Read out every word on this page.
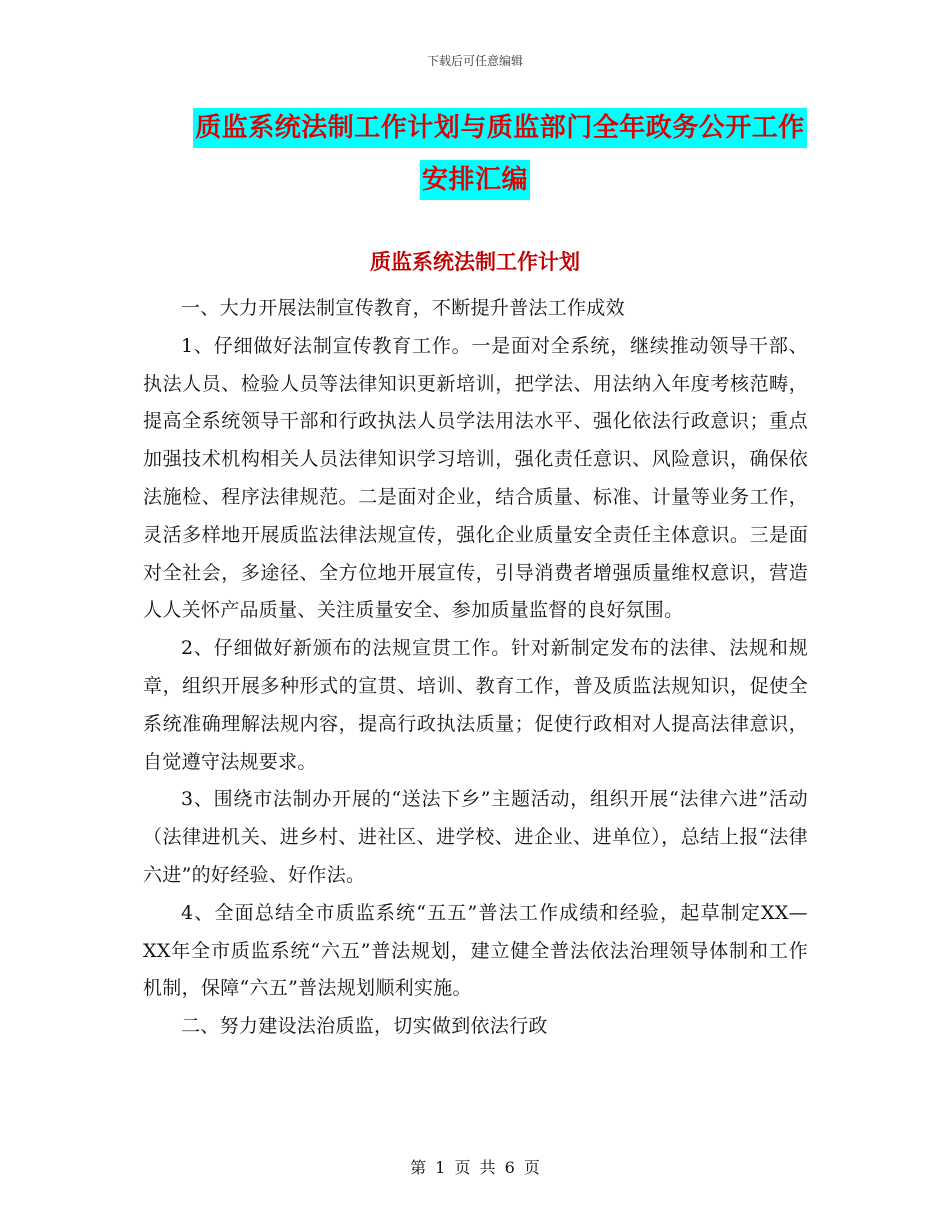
下载后可任意编辑
质监系统法制工作计划与质监部门全年政务公开工作
安排汇编
质监系统法制工作计划

一、大力开展法制宣传教育，不断提升普法工作成效

1、仔细做好法制宣传教育工作。一是面对全系统，继续推动领导干部、执法人员、检验人员等法律知识更新培训，把学法、用法纳入年度考核范畴，提高全系统领导干部和行政执法人员学法用法水平、强化依法行政意识；重点加强技术机构相关人员法律知识学习培训，强化责任意识、风险意识，确保依法施检、程序法律规范。二是面对企业，结合质量、标准、计量等业务工作，灵活多样地开展质监法律法规宣传，强化企业质量安全责任主体意识。三是面对全社会，多途径、全方位地开展宣传，引导消费者增强质量维权意识，营造人人关怀产品质量、关注质量安全、参加质量监督的良好氛围。

2、仔细做好新颁布的法规宣贯工作。针对新制定发布的法律、法规和规章，组织开展多种形式的宣贯、培训、教育工作，普及质监法规知识，促使全系统准确理解法规内容，提高行政执法质量；促使行政相对人提高法律意识，自觉遵守法规要求。

3、围绕市法制办开展的“送法下乡”主题活动，组织开展“法律六进”活动（法律进机关、进乡村、进社区、进学校、进企业、进单位），总结上报“法律六进”的好经验、好作法。

4、全面总结全市质监系统“五五”普法工作成绩和经验，起草制定XX—XX年全市质监系统“六五”普法规划，建立健全普法依法治理领导体制和工作机制，保障“六五”普法规划顺利实施。

二、努力建设法治质监，切实做到依法行政

第 1 页 共 6 页
